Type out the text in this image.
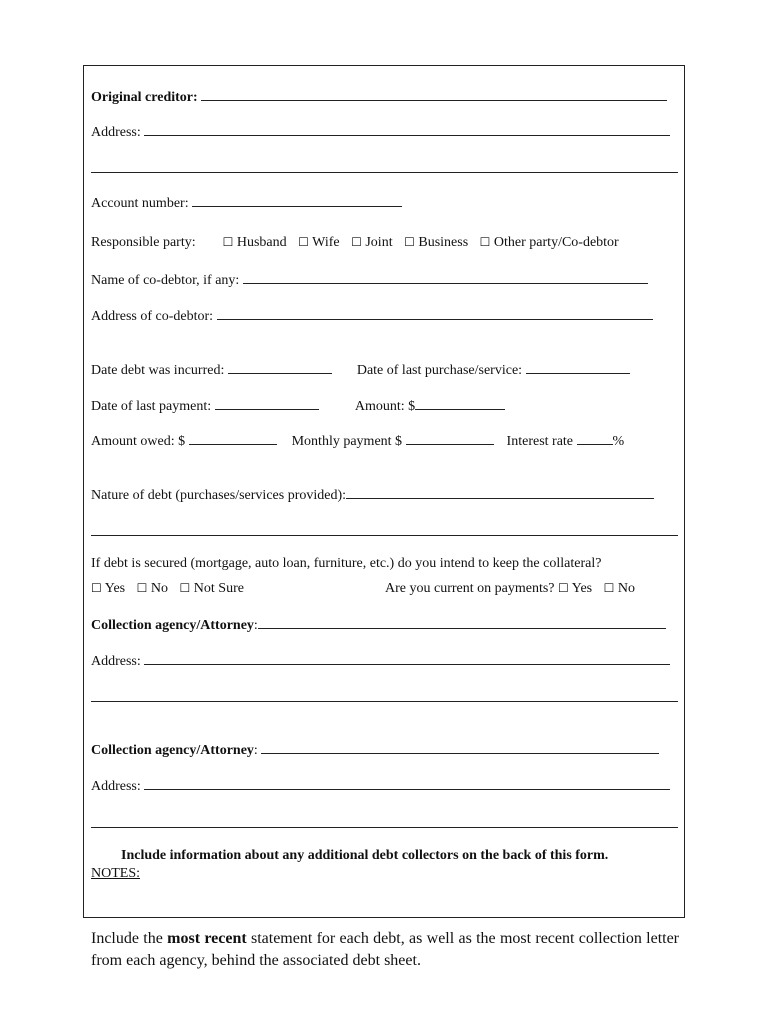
Original creditor:
Address:
Account number:
Responsible party: ☐ Husband ☐ Wife ☐ Joint ☐ Business ☐ Other party/Co-debtor
Name of co-debtor, if any:
Address of co-debtor:
Date debt was incurred:	Date of last purchase/service:
Date of last payment:	Amount: $
Amount owed: $	Monthly payment $	Interest rate	%
Nature of debt (purchases/services provided):
If debt is secured (mortgage, auto loan, furniture, etc.) do you intend to keep the collateral?
☐ Yes ☐ No ☐ Not Sure	Are you current on payments? ☐ Yes ☐ No
Collection agency/Attorney:
Address:
Collection agency/Attorney:
Address:
Include information about any additional debt collectors on the back of this form.
NOTES:
Include the most recent statement for each debt, as well as the most recent collection letter from each agency, behind the associated debt sheet.
